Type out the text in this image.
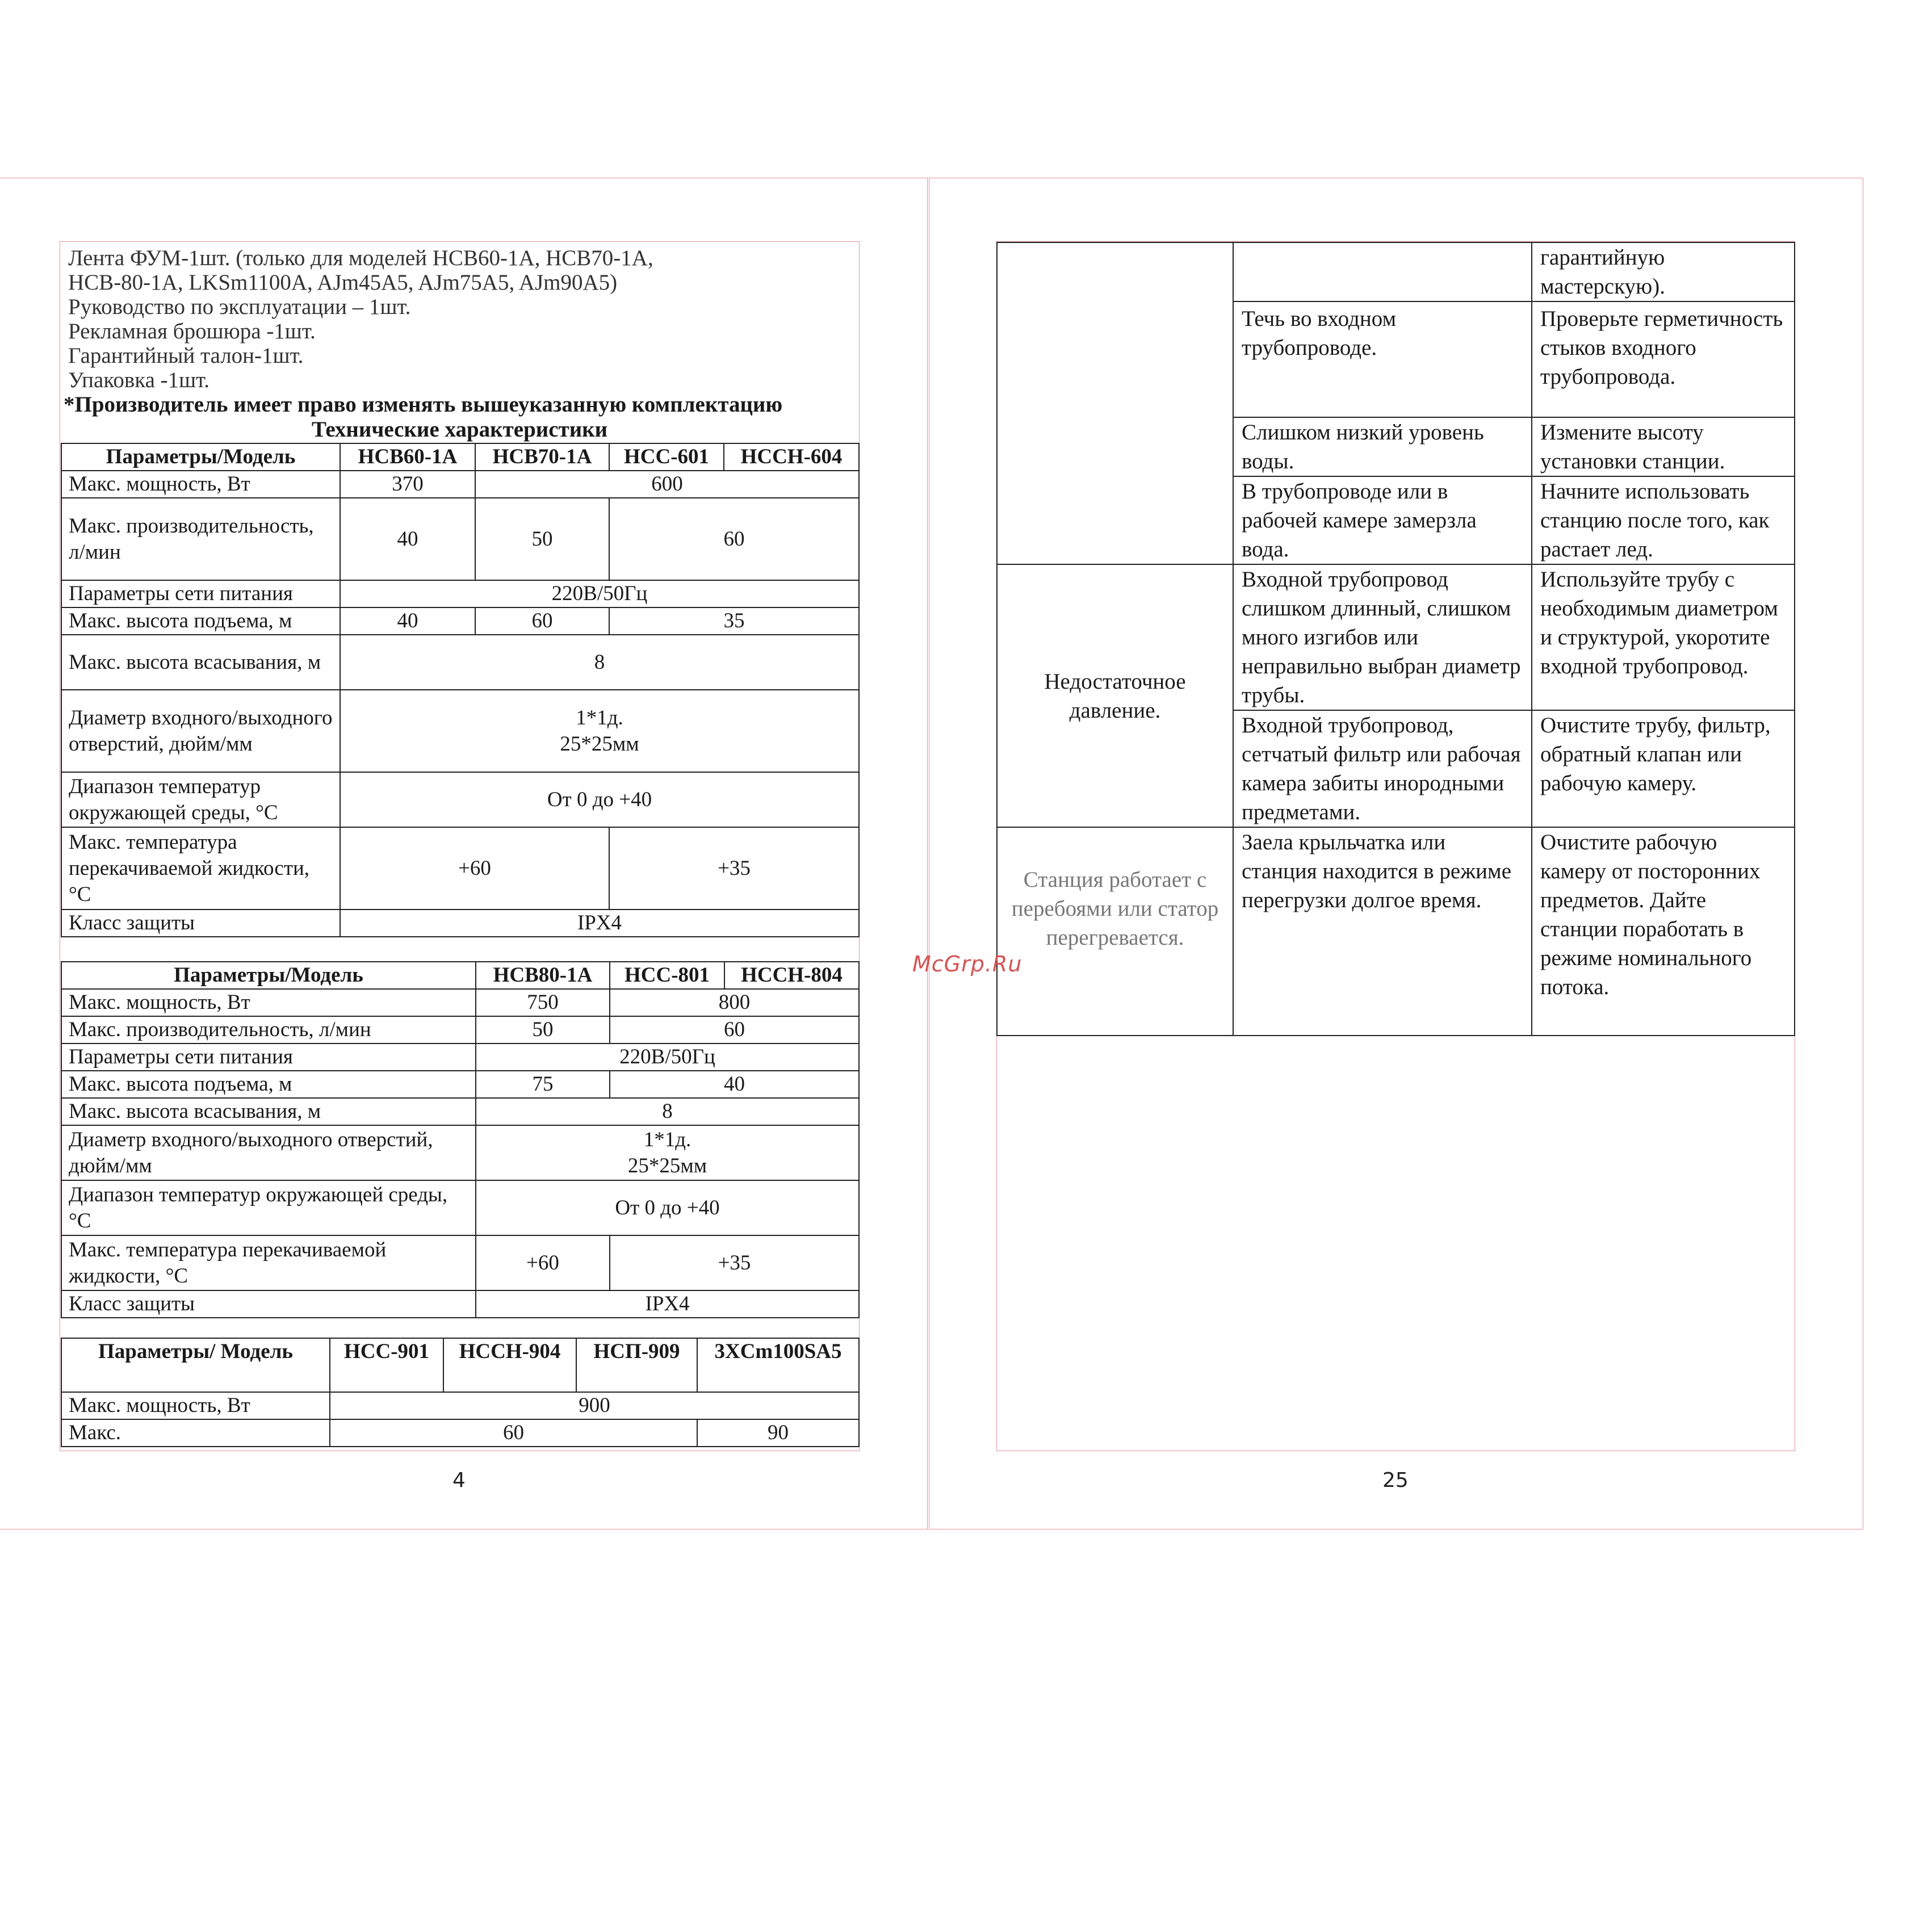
Лента ФУМ-1шт. (только для моделей НСВ60-1А, НСВ70-1А,
НСВ-80-1А, LKSm1100A, AJm45A5, AJm75A5, AJm90A5)
Руководство по эксплуатации – 1шт.
Рекламная брошюра -1шт.
Гарантийный талон-1шт.
Упаковка -1шт.
*Производитель имеет право изменять вышеуказанную комплектацию
Технические характеристики
Параметры/Модель	НСВ60-1А	НСВ70-1А	НСС-601	НССН-604
Макс. мощность, Вт	370	600		
Макс. производительность, л/мин	40	50	60	
Параметры сети питания	220В/50Гц			
Макс. высота подъема, м	40	60	35	
Макс. высота всасывания, м	8			
Диаметр входного/выходного отверстий, дюйм/мм	1*1д.
25*25мм			

Диапазон температур окружающей среды, °С	От 0 до +40			
Макс. температура перекачиваемой жидкости, °С	+60		+35	
Класс защиты	IPX4			
Параметры/Модель	НСВ80-1А	НСС-801	НССН-804
Макс. мощность, Вт	750	800	
Макс. производительность, л/мин	50	60	
Параметры сети питания	220В/50Гц		
Макс. высота подъема, м	75	40	
Макс. высота всасывания, м	8		
Диаметр входного/выходного отверстий, дюйм/мм	1*1д.
25*25мм		

Диапазон температур окружающей среды, °С	От 0 до +40		
Макс. температура перекачиваемой жидкости, °С	+60	+35	
Класс защиты	IPX4		
Параметры/ Модель	НСС-901	НССН-904	НСП-909	3XCm100SA5
Макс. мощность, Вт	900			
Макс.	60			90
4
		гарантийную мастерскую).
	Течь во входном трубопроводе.	Проверьте герметичность стыков входного трубопровода.
	Слишком низкий уровень воды.	Измените высоту установки станции.
	В трубопроводе или в рабочей камере замерзла вода.	Начните использовать станцию после того, как растает лед.
Недостаточное давление.	Входной трубопровод слишком длинный, слишком много изгибов или неправильно выбран диаметр трубы.	Используйте трубу с необходимым диаметром и структурой, укоротите входной трубопровод.
	Входной трубопровод, сетчатый фильтр или рабочая камера забиты инородными предметами.	Очистите трубу, фильтр, обратный клапан или рабочую камеру.
Станция работает с перебоями или статор перегревается.	Заела крыльчатка или станция находится в режиме перегрузки долгое время.	Очистите рабочую камеру от посторонних предметов. Дайте станции поработать в режиме номинального потока.
25
McGrp.Ru
